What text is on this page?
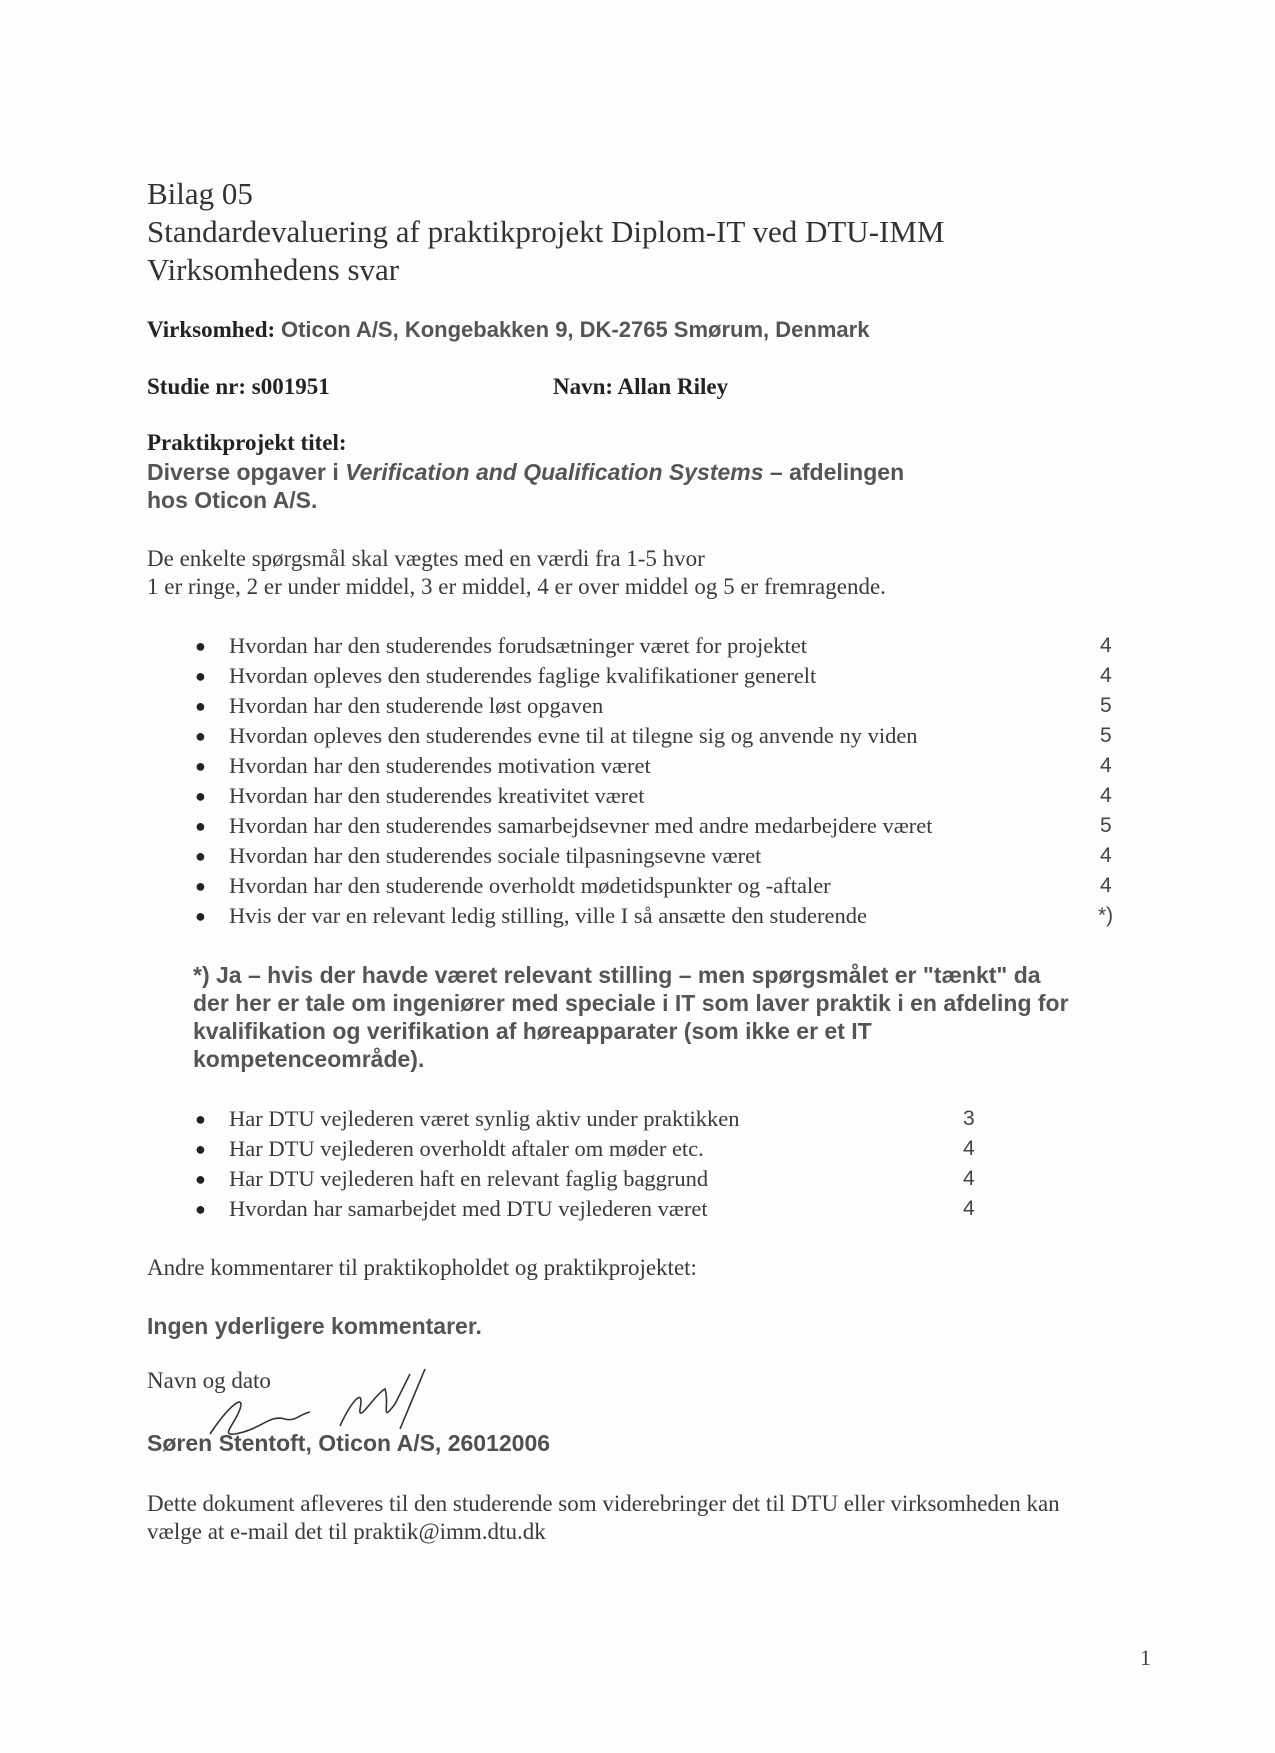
Bilag 05
Standardevaluering af praktikprojekt Diplom-IT ved DTU-IMM
Virksomhedens svar
Virksomhed: Oticon A/S, Kongebakken 9, DK-2765 Smørum, Denmark
Studie nr: s001951	Navn: Allan Riley
Praktikprojekt titel:
Diverse opgaver i Verification and Qualification Systems – afdelingen
hos Oticon A/S.
De enkelte spørgsmål skal vægtes med en værdi fra 1-5 hvor
1 er ringe, 2 er under middel, 3 er middel, 4 er over middel og 5 er fremragende.
● Hvordan har den studerendes forudsætninger været for projektet	4
● Hvordan opleves den studerendes faglige kvalifikationer generelt	4
● Hvordan har den studerende løst opgaven	5
● Hvordan opleves den studerendes evne til at tilegne sig og anvende ny viden	5
● Hvordan har den studerendes motivation været	4
● Hvordan har den studerendes kreativitet været	4
● Hvordan har den studerendes samarbejdsevner med andre medarbejdere været	5
● Hvordan har den studerendes sociale tilpasningsevne været	4
● Hvordan har den studerende overholdt mødetidspunkter og -aftaler	4
● Hvis der var en relevant ledig stilling, ville I så ansætte den studerende	*)
*) Ja – hvis der havde været relevant stilling – men spørgsmålet er "tænkt" da
der her er tale om ingeniører med speciale i IT som laver praktik i en afdeling for
kvalifikation og verifikation af høreapparater (som ikke er et IT
kompetenceområde).
● Har DTU vejlederen været synlig aktiv under praktikken	3
● Har DTU vejlederen overholdt aftaler om møder etc.	4
● Har DTU vejlederen haft en relevant faglig baggrund	4
● Hvordan har samarbejdet med DTU vejlederen været	4
Andre kommentarer til praktikopholdet og praktikprojektet:
Ingen yderligere kommentarer.
Navn og dato
Søren Stentoft, Oticon A/S, 26012006
Dette dokument afleveres til den studerende som viderebringer det til DTU eller virksomheden kan
vælge at e-mail det til praktik@imm.dtu.dk
1
